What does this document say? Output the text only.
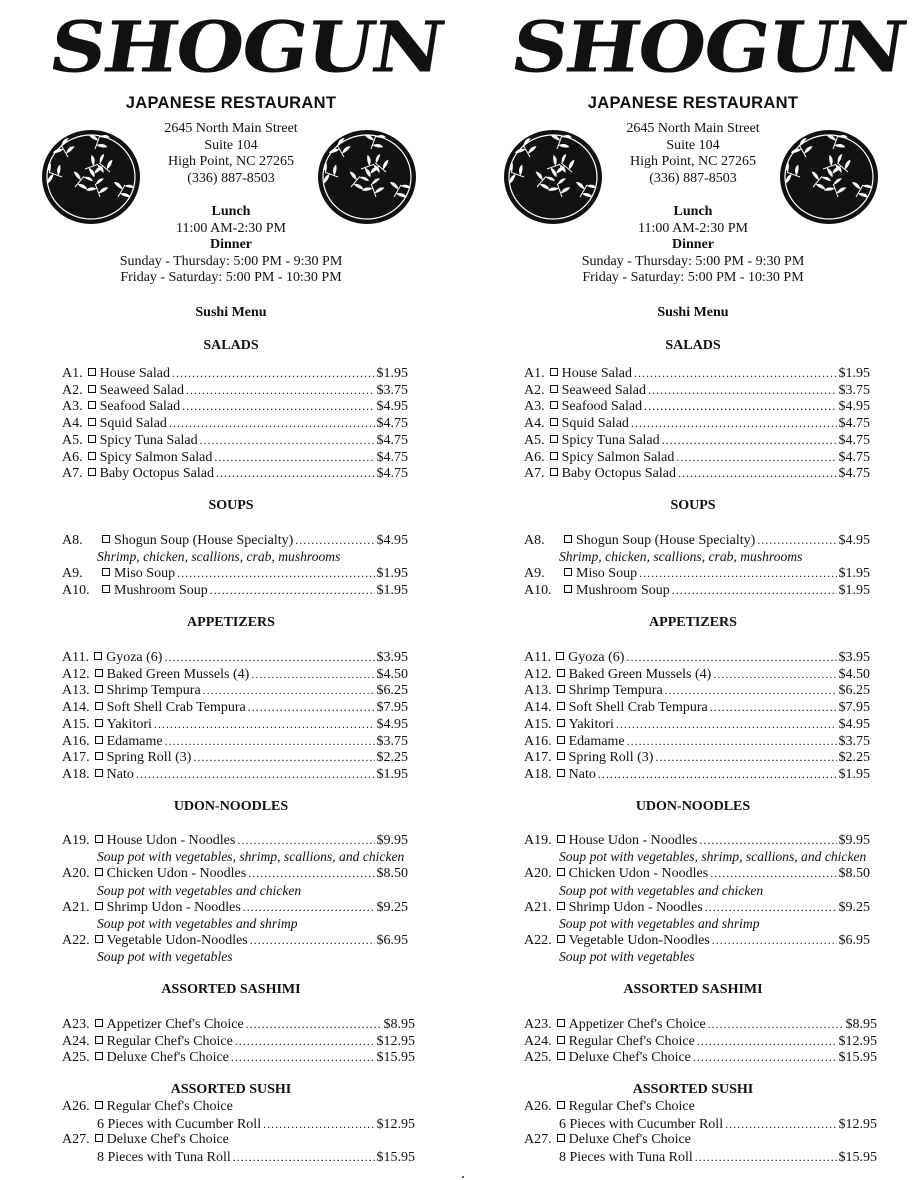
SHOGUN
JAPANESE RESTAURANT
2645 North Main Street
Suite 104
High Point, NC 27265
(336) 887-8503
Lunch
11:00 AM-2:30 PM
Dinner
Sunday - Thursday: 5:00 PM - 9:30 PM
Friday - Saturday: 5:00 PM - 10:30 PM
Sushi Menu
SALADS
A1. House Salad .....	$1.95
A2. Seaweed Salad .....	$3.75
A3. Seafood Salad .....	$4.95
A4. Squid Salad .....	$4.75
A5. Spicy Tuna Salad .....	$4.75
A6. Spicy Salmon Salad .....	$4.75
A7. Baby Octopus Salad .....	$4.75
SOUPS
A8.	Shogun Soup (House Specialty) .....	$4.95
Shrimp, chicken, scallions, crab, mushrooms
A9.	Miso Soup .....	$1.95
A10.	Mushroom Soup .....	$1.95
APPETIZERS
A11. Gyoza (6) .....	$3.95
A12. Baked Green Mussels (4) .....	$4.50
A13. Shrimp Tempura .....	$6.25
A14. Soft Shell Crab Tempura .....	$7.95
A15. Yakitori .....	$4.95
A16. Edamame .....	$3.75
A17. Spring Roll (3) .....	$2.25
A18. Nato .....	$1.95
UDON-NOODLES
A19. House Udon - Noodles .....	$9.95
Soup pot with vegetables, shrimp, scallions, and chicken
A20. Chicken Udon - Noodles .....	$8.50
Soup pot with vegetables and chicken
A21. Shrimp Udon - Noodles .....	$9.25
Soup pot with vegetables and shrimp
A22. Vegetable Udon-Noodles .....	$6.95
Soup pot with vegetables
ASSORTED SASHIMI
A23. Appetizer Chef's Choice .....	$8.95
A24. Regular Chef's Choice .....	$12.95
A25. Deluxe Chef's Choice .....	$15.95
ASSORTED SUSHI
A26. Regular Chef's Choice
6 Pieces with Cucumber Roll .....	$12.95
A27. Deluxe Chef's Choice
8 Pieces with Tuna Roll .....	$15.95
SHOGUN
JAPANESE RESTAURANT
2645 North Main Street
Suite 104
High Point, NC 27265
(336) 887-8503
Lunch
11:00 AM-2:30 PM
Dinner
Sunday - Thursday: 5:00 PM - 9:30 PM
Friday - Saturday: 5:00 PM - 10:30 PM
Sushi Menu
SALADS
A1. House Salad .....	$1.95
A2. Seaweed Salad .....	$3.75
A3. Seafood Salad .....	$4.95
A4. Squid Salad .....	$4.75
A5. Spicy Tuna Salad .....	$4.75
A6. Spicy Salmon Salad .....	$4.75
A7. Baby Octopus Salad .....	$4.75
SOUPS
A8.	Shogun Soup (House Specialty) .....	$4.95
Shrimp, chicken, scallions, crab, mushrooms
A9.	Miso Soup .....	$1.95
A10.	Mushroom Soup .....	$1.95
APPETIZERS
A11. Gyoza (6) .....	$3.95
A12. Baked Green Mussels (4) .....	$4.50
A13. Shrimp Tempura .....	$6.25
A14. Soft Shell Crab Tempura .....	$7.95
A15. Yakitori .....	$4.95
A16. Edamame .....	$3.75
A17. Spring Roll (3) .....	$2.25
A18. Nato .....	$1.95
UDON-NOODLES
A19. House Udon - Noodles .....	$9.95
Soup pot with vegetables, shrimp, scallions, and chicken
A20. Chicken Udon - Noodles .....	$8.50
Soup pot with vegetables and chicken
A21. Shrimp Udon - Noodles .....	$9.25
Soup pot with vegetables and shrimp
A22. Vegetable Udon-Noodles .....	$6.95
Soup pot with vegetables
ASSORTED SASHIMI
A23. Appetizer Chef's Choice .....	$8.95
A24. Regular Chef's Choice .....	$12.95
A25. Deluxe Chef's Choice .....	$15.95
ASSORTED SUSHI
A26. Regular Chef's Choice
6 Pieces with Cucumber Roll .....	$12.95
A27. Deluxe Chef's Choice
8 Pieces with Tuna Roll .....	$15.95
